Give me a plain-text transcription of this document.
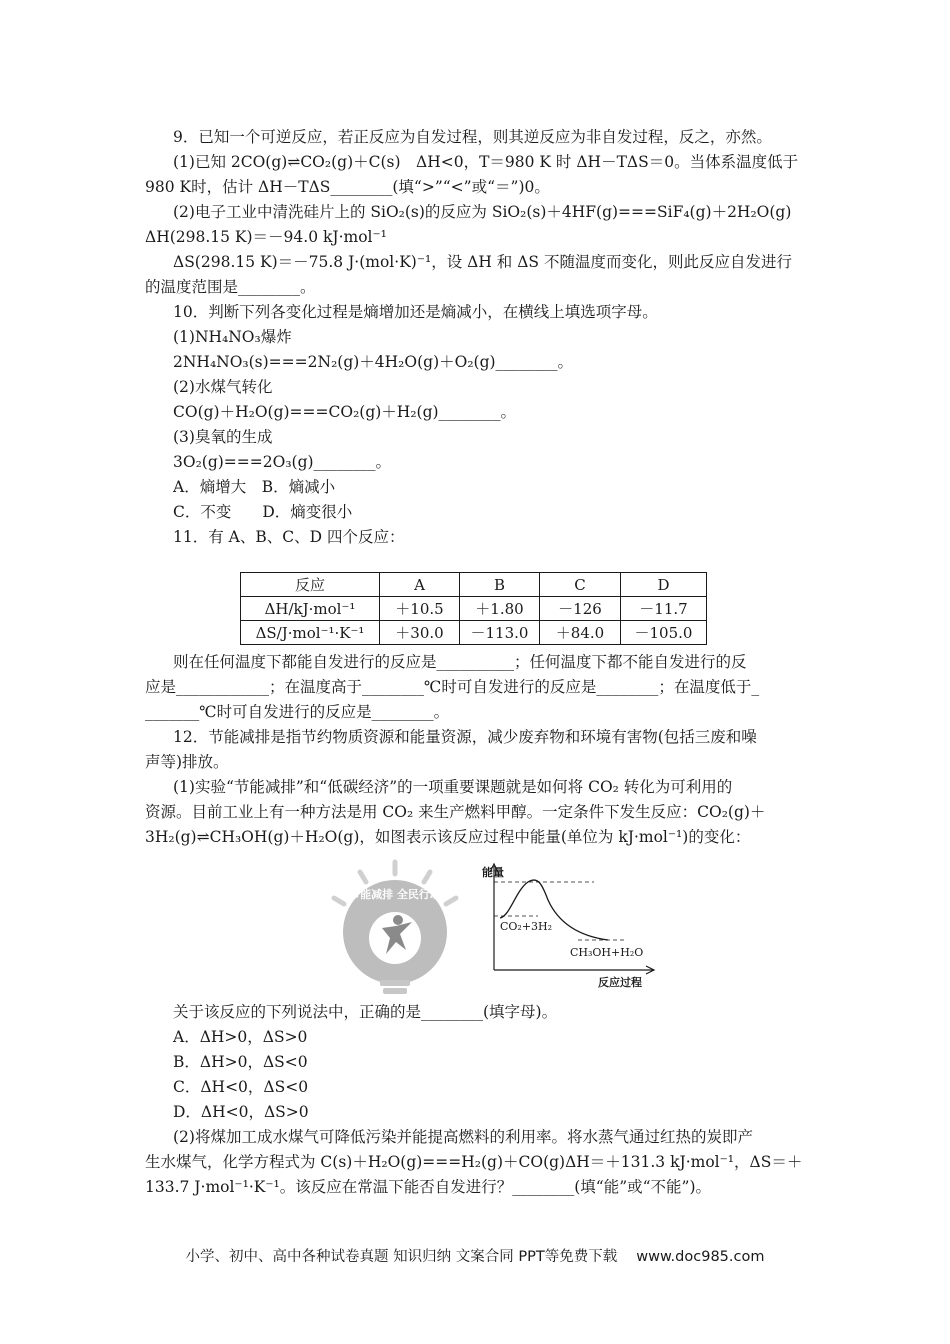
9．已知一个可逆反应，若正反应为自发过程，则其逆反应为非自发过程，反之，亦然。
(1)已知 2CO(g)⇌CO₂(g)＋C(s)　ΔH<0，T＝980 K 时 ΔH－TΔS＝0。当体系温度低于
980 K时，估计 ΔH－TΔS________(填“>”“<”或“＝”)0。
(2)电子工业中清洗硅片上的 SiO₂(s)的反应为 SiO₂(s)＋4HF(g)===SiF₄(g)＋2H₂O(g)
ΔH(298.15 K)＝－94.0 kJ·mol⁻¹
ΔS(298.15 K)＝－75.8 J·(mol·K)⁻¹，设 ΔH 和 ΔS 不随温度而变化，则此反应自发进行
的温度范围是________。
10．判断下列各变化过程是熵增加还是熵减小，在横线上填选项字母。
(1)NH₄NO₃爆炸
2NH₄NO₃(s)===2N₂(g)＋4H₂O(g)＋O₂(g)________。
(2)水煤气转化
CO(g)＋H₂O(g)===CO₂(g)＋H₂(g)________。
(3)臭氧的生成
3O₂(g)===2O₃(g)________。
A．熵增大　B．熵减小
C．不变　　D．熵变很小
11．有 A、B、C、D 四个反应：
反应	A	B	C	D
ΔH/kJ·mol⁻¹	＋10.5	＋1.80	－126	－11.7
ΔS/J·mol⁻¹·K⁻¹	＋30.0	－113.0	＋84.0	－105.0
则在任何温度下都能自发进行的反应是__________；任何温度下都不能自发进行的反
应是____________；在温度高于________℃时可自发进行的反应是________；在温度低于_
_______℃时可自发进行的反应是________。
12．节能减排是指节约物质资源和能量资源，减少废弃物和环境有害物(包括三废和噪
声等)排放。
(1)实验“节能减排”和“低碳经济”的一项重要课题就是如何将 CO₂ 转化为可利用的
资源。目前工业上有一种方法是用 CO₂ 来生产燃料甲醇。一定条件下发生反应：CO₂(g)＋
3H₂(g)⇌CH₃OH(g)＋H₂O(g)，如图表示该反应过程中能量(单位为 kJ·mol⁻¹)的变化：
节能减排 全民行动
能量
CO₂+3H₂
CH₃OH+H₂O
反应过程
关于该反应的下列说法中，正确的是________(填字母)。
A．ΔH>0，ΔS>0
B．ΔH>0，ΔS<0
C．ΔH<0，ΔS<0
D．ΔH<0，ΔS>0
(2)将煤加工成水煤气可降低污染并能提高燃料的利用率。将水蒸气通过红热的炭即产
生水煤气，化学方程式为 C(s)＋H₂O(g)===H₂(g)＋CO(g)ΔH＝＋131.3 kJ·mol⁻¹，ΔS＝＋
133.7 J·mol⁻¹·K⁻¹。该反应在常温下能否自发进行？________(填“能”或“不能”)。
小学、初中、高中各种试卷真题 知识归纳 文案合同 PPT等免费下载　 www.doc985.com
